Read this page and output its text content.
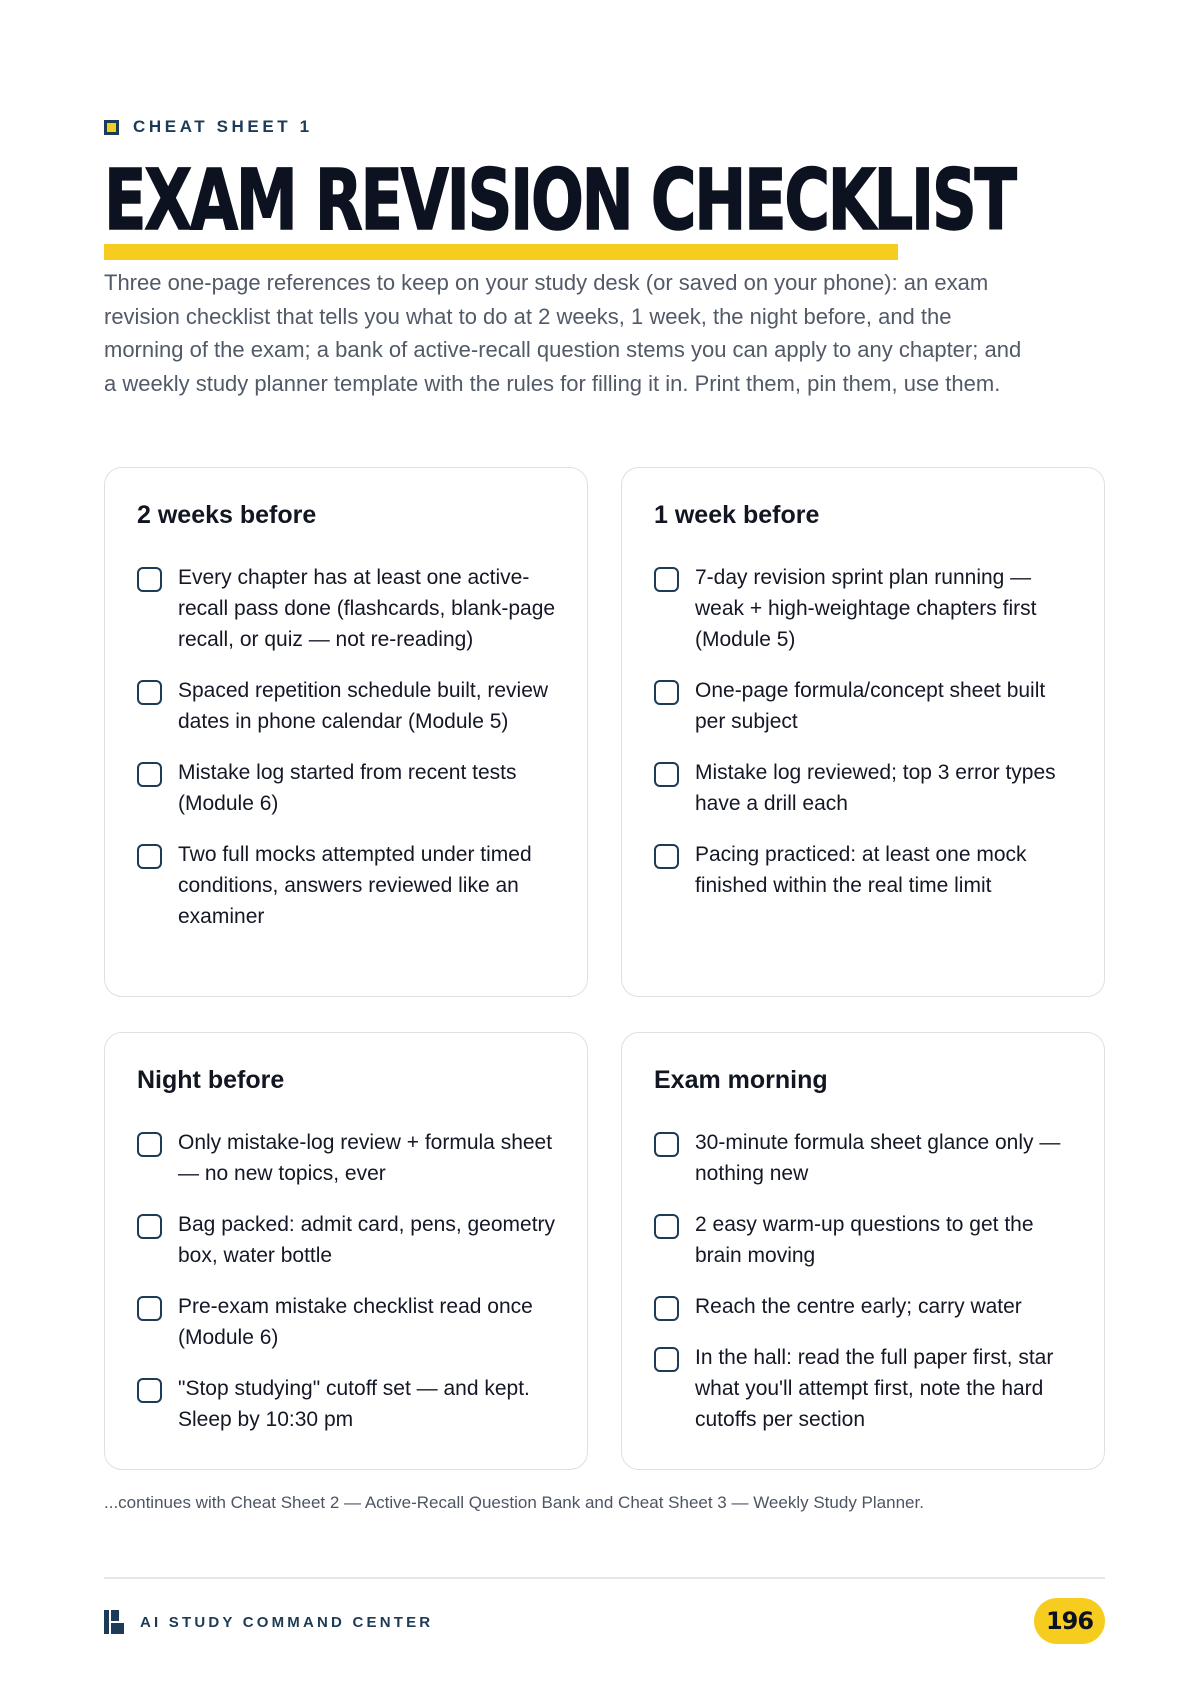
CHEAT SHEET 1
EXAM REVISION CHECKLIST

Three one-page references to keep on your study desk (or saved on your phone): an exam revision checklist that tells you what to do at 2 weeks, 1 week, the night before, and the morning of the exam; a bank of active-recall question stems you can apply to any chapter; and a weekly study planner template with the rules for filling it in. Print them, pin them, use them.

2 weeks before
Every chapter has at least one active-recall pass done (flashcards, blank-page recall, or quiz — not re-reading)
Spaced repetition schedule built, review dates in phone calendar (Module 5)
Mistake log started from recent tests (Module 6)
Two full mocks attempted under timed conditions, answers reviewed like an examiner
1 week before
7-day revision sprint plan running — weak + high-weightage chapters first (Module 5)
One-page formula/concept sheet built per subject
Mistake log reviewed; top 3 error types have a drill each
Pacing practiced: at least one mock finished within the real time limit
Night before
Only mistake-log review + formula sheet — no new topics, ever
Bag packed: admit card, pens, geometry box, water bottle
Pre-exam mistake checklist read once (Module 6)
"Stop studying" cutoff set — and kept. Sleep by 10:30 pm
Exam morning
30-minute formula sheet glance only — nothing new
2 easy warm-up questions to get the brain moving
Reach the centre early; carry water
In the hall: read the full paper first, star what you'll attempt first, note the hard cutoffs per section

...continues with Cheat Sheet 2 — Active-Recall Question Bank and Cheat Sheet 3 — Weekly Study Planner.

AI STUDY COMMAND CENTER	196
